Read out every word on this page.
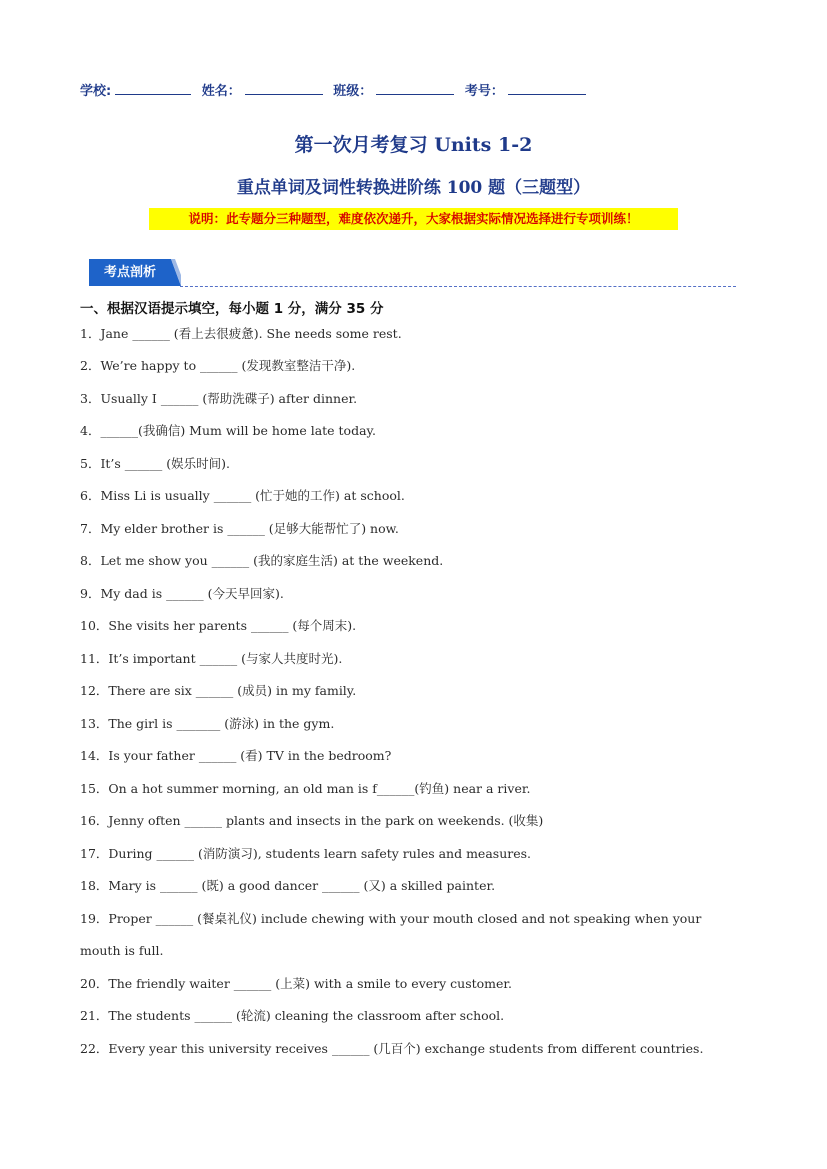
学校:	姓名：	班级：	考号：
第一次月考复习 Units 1-2
重点单词及词性转换进阶练 100 题（三题型）
说明：此专题分三种题型，难度依次递升，大家根据实际情况选择进行专项训练！
考点剖析
一、根据汉语提示填空，每小题 1 分，满分 35 分
1．Jane ______ (看上去很疲惫). She needs some rest.
2．We’re happy to ______ (发现教室整洁干净).
3．Usually I ______ (帮助洗碟子) after dinner.
4．______(我确信) Mum will be home late today.
5．It’s ______ (娱乐时间).
6．Miss Li is usually ______ (忙于她的工作) at school.
7．My elder brother is ______ (足够大能帮忙了) now.
8．Let me show you ______ (我的家庭生活) at the weekend.
9．My dad is ______ (今天早回家).
10．She visits her parents ______ (每个周末).
11．It’s important ______ (与家人共度时光).
12．There are six ______ (成员) in my family.
13．The girl is _______ (游泳) in the gym.
14．Is your father ______ (看) TV in the bedroom?
15．On a hot summer morning, an old man is f______(钓鱼) near a river.
16．Jenny often ______ plants and insects in the park on weekends. (收集)
17．During ______ (消防演习), students learn safety rules and measures.
18．Mary is ______ (既) a good dancer ______ (又) a skilled painter.
19．Proper ______ (餐桌礼仪) include chewing with your mouth closed and not speaking when your mouth is full.
20．The friendly waiter ______ (上菜) with a smile to every customer.
21．The students ______ (轮流) cleaning the classroom after school.
22．Every year this university receives ______ (几百个) exchange students from different countries.
